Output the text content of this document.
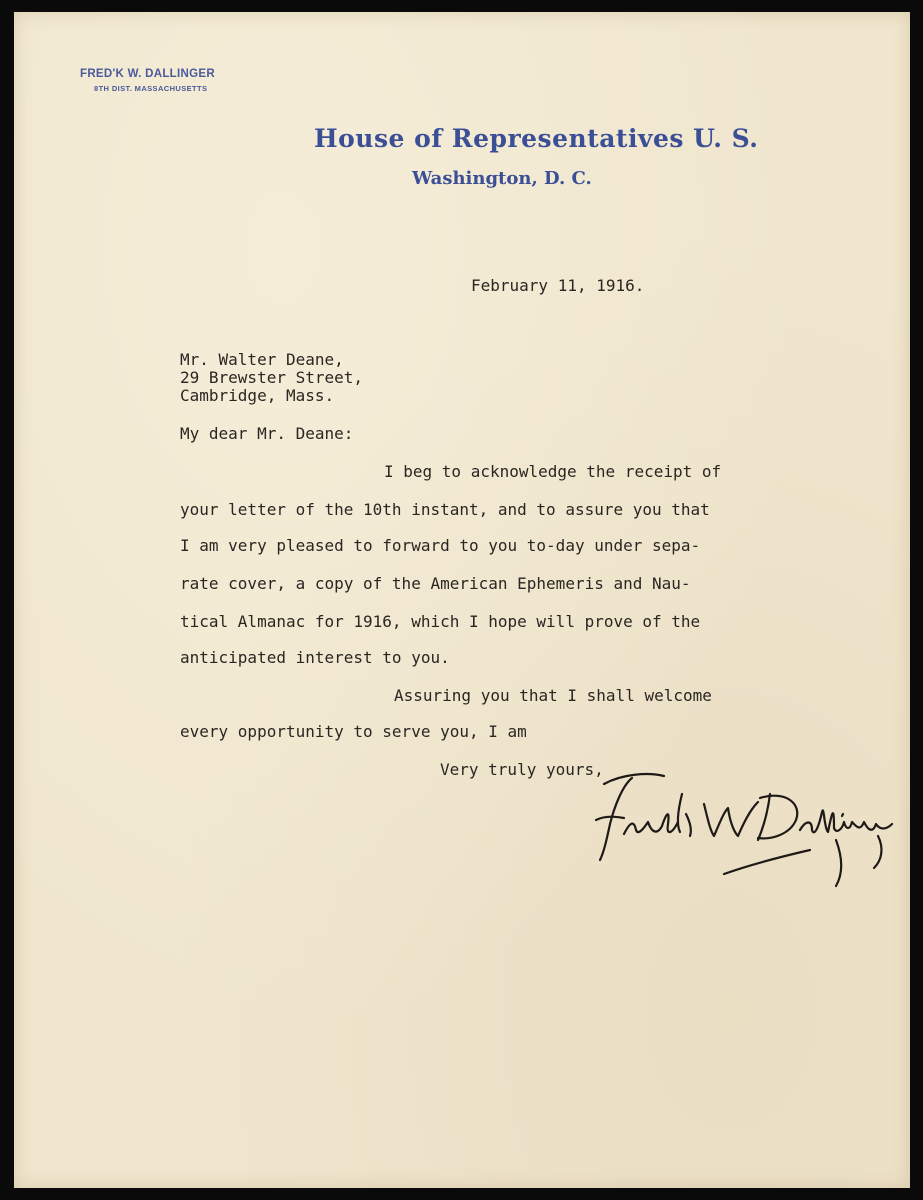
FRED'K W. DALLINGER

8TH DIST. MASSACHUSETTS

House of Representatives U. S.

Washington, D. C.

February 11, 1916.

Mr. Walter Deane,

29 Brewster Street,

Cambridge, Mass.

My dear Mr. Deane:

I beg to acknowledge the receipt of

your letter of the 10th instant, and to assure you that

I am very pleased to forward to you to-day under sepa-

rate cover, a copy of the American Ephemeris and Nau-

tical Almanac for 1916, which I hope will prove of the

anticipated interest to you.

Assuring you that I shall welcome

every opportunity to serve you, I am

Very truly yours,
